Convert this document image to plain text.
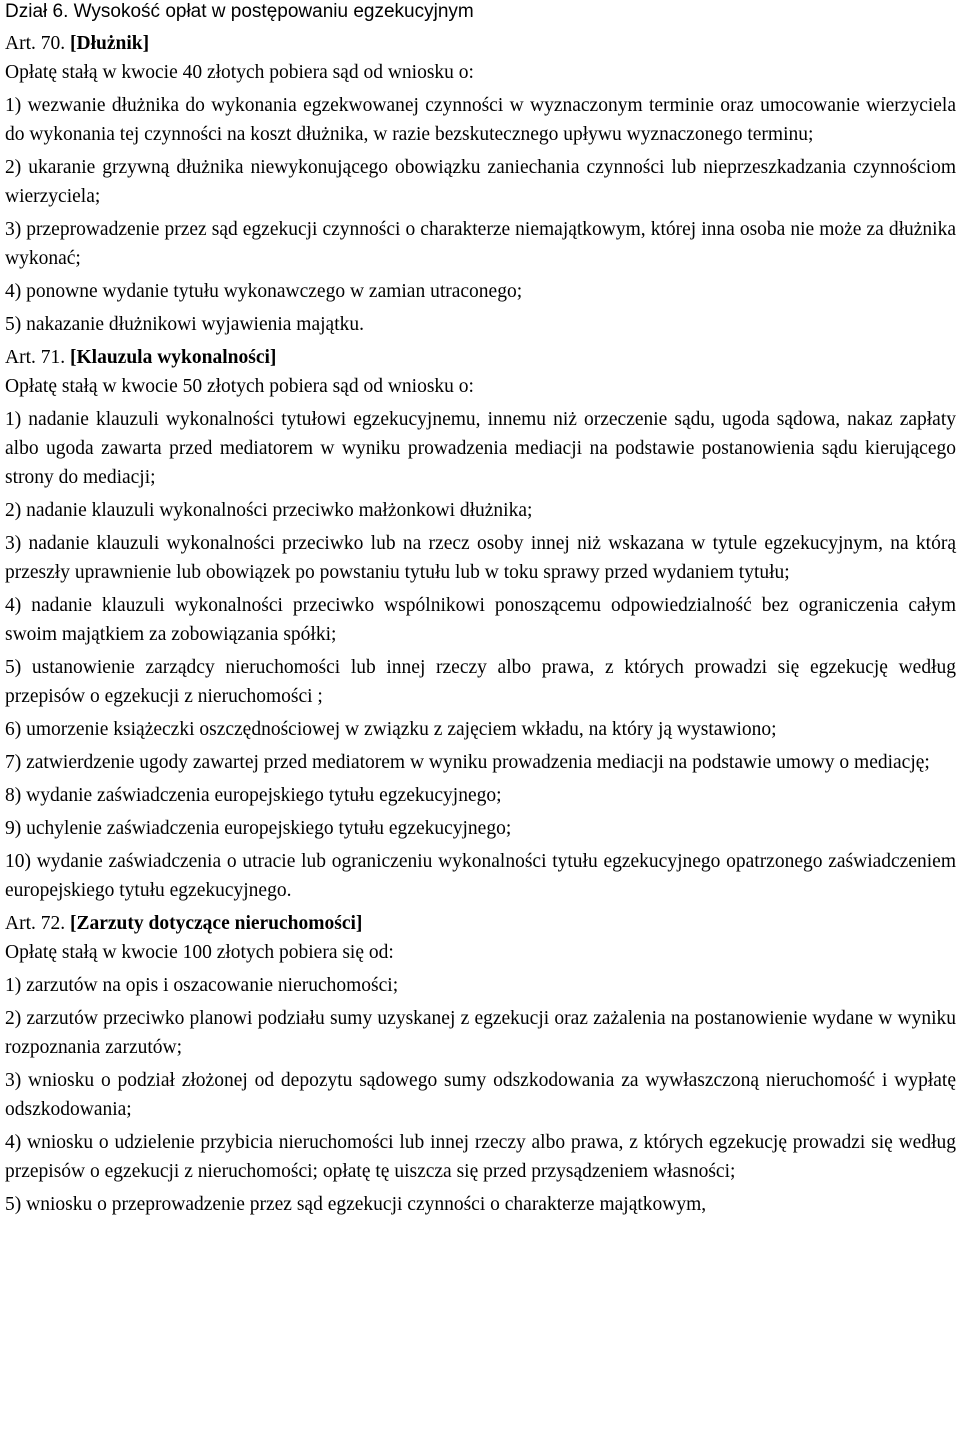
Dział 6. Wysokość opłat w postępowaniu egzekucyjnym
Art. 70. [Dłużnik]
Opłatę stałą w kwocie 40 złotych pobiera sąd od wniosku o:
1) wezwanie dłużnika do wykonania egzekwowanej czynności w wyznaczonym terminie oraz umocowanie wierzyciela do wykonania tej czynności na koszt dłużnika, w razie bezskutecznego upływu wyznaczonego terminu;
2) ukaranie grzywną dłużnika niewykonującego obowiązku zaniechania czynności lub nieprzeszkadzania czynnościom wierzyciela;
3) przeprowadzenie przez sąd egzekucji czynności o charakterze niemajątkowym, której inna osoba nie może za dłużnika wykonać;
4) ponowne wydanie tytułu wykonawczego w zamian utraconego;
5) nakazanie dłużnikowi wyjawienia majątku.
Art. 71. [Klauzula wykonalności]
Opłatę stałą w kwocie 50 złotych pobiera sąd od wniosku o:
1) nadanie klauzuli wykonalności tytułowi egzekucyjnemu, innemu niż orzeczenie sądu, ugoda sądowa, nakaz zapłaty albo ugoda zawarta przed mediatorem w wyniku prowadzenia mediacji na podstawie postanowienia sądu kierującego strony do mediacji;
2) nadanie klauzuli wykonalności przeciwko małżonkowi dłużnika;
3) nadanie klauzuli wykonalności przeciwko lub na rzecz osoby innej niż wskazana w tytule egzekucyjnym, na którą przeszły uprawnienie lub obowiązek po powstaniu tytułu lub w toku sprawy przed wydaniem tytułu;
4) nadanie klauzuli wykonalności przeciwko wspólnikowi ponoszącemu odpowiedzialność bez ograniczenia całym swoim majątkiem za zobowiązania spółki;
5) ustanowienie zarządcy nieruchomości lub innej rzeczy albo prawa, z których prowadzi się egzekucję według przepisów o egzekucji z nieruchomości ;
6) umorzenie książeczki oszczędnościowej w związku z zajęciem wkładu, na który ją wystawiono;
7) zatwierdzenie ugody zawartej przed mediatorem w wyniku prowadzenia mediacji na podstawie umowy o mediację;
8) wydanie zaświadczenia europejskiego tytułu egzekucyjnego;
9) uchylenie zaświadczenia europejskiego tytułu egzekucyjnego;
10) wydanie zaświadczenia o utracie lub ograniczeniu wykonalności tytułu egzekucyjnego opatrzonego zaświadczeniem europejskiego tytułu egzekucyjnego.
Art. 72. [Zarzuty dotyczące nieruchomości]
Opłatę stałą w kwocie 100 złotych pobiera się od:
1) zarzutów na opis i oszacowanie nieruchomości;
2) zarzutów przeciwko planowi podziału sumy uzyskanej z egzekucji oraz zażalenia na postanowienie wydane w wyniku rozpoznania zarzutów;
3) wniosku o podział złożonej od depozytu sądowego sumy odszkodowania za wywłaszczoną nieruchomość i wypłatę odszkodowania;
4) wniosku o udzielenie przybicia nieruchomości lub innej rzeczy albo prawa, z których egzekucję prowadzi się według przepisów o egzekucji z nieruchomości; opłatę tę uiszcza się przed przysądzeniem własności;
5) wniosku o przeprowadzenie przez sąd egzekucji czynności o charakterze majątkowym,
